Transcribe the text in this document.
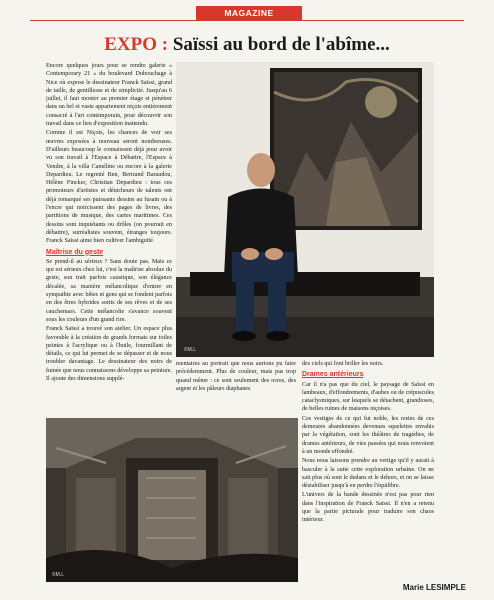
MAGAZINE
EXPO : Saïssi au bord de l'abîme...

Encore quelques jours pour se rendre galerie « Contemporary 21 » du boulevard Dubouchage à Nice où expose le dessinateur Franck Saïssi, grand de taille, de gentillesse et de simplicité. Jusqu'au 6 juillet, il faut monter au premier étage et pénétrer dans un bel et vaste appartement niçois entièrement consacré à l'art contemporain, pour découvrir son travail dans ce lieu d'exposition inattendu.

Comme il est Niçois, les chances de voir ses œuvres exposées à nouveau seront nombreuses. D'ailleurs beaucoup le connaissent déjà pour avoir vu son travail à l'Espace à Débattre, l'Espace à Vendre, à la villa Caméline ou encore à la galerie Depardieu. Le regretté Ben, Bertrand Baraudou, Hélène Fincker, Christian Depardieu : tous ces promoteurs d'artistes et dénicheurs de talents ont déjà remarqué ses puissants dessins au fusain ou à l'encre qui noircissent des pages de livres, des partitions de musique, des cartes maritimes. Ces dessins sont inquiétants ou drôles (on pourrait en débattre), surréalistes souvent, étranges toujours. Franck Saïssi aime bien cultiver l'ambiguïté.

Maîtrise du geste

Se prend-il au sérieux ? Sans doute pas. Mais ce qui est sérieux chez lui, c'est la maîtrise absolue du geste, son trait parfois caustique, son élégance décalée, sa manière mélancolique d'entrer en sympathie avec bêtes et gens qui se fondent parfois en des êtres hybrides sortis de ses rêves et de ses cauchemars. Cette mélancolie s'avance souvent sous les couleurs d'un grand rire.

Franck Saïssi a trouvé son atelier. Un espace plus favorable à la création de grands formats sur toiles peintes à l'acrylique ou à l'huile, fourmillant de détails, ce qui lui permet de se dépasser et de nous troubler davantage. Le dessinateur des noirs de fumée que nous connaissons développe sa peinture. Il ajoute des dimensions supplé-

©M.L

mentaires au portrait que nous aurions pu faire précédemment. Plus de couleur, mais pas trop quand même : ce sont seulement des ocres, des argent et les pâleurs diaphanes

des ciels qui font briller les noirs.

Drames antérieurs

Car il n'a pas que du ciel, le paysage de Saïssi en lambeaux, d'effondrements, d'aubes ou de crépuscules cataclysmiques, sur lesquels se détachent, grandioses, de belles ruines de maisons niçoises.

Ces vestiges de ce qui fut noble, les restes de ces demeures abandonnées devenues squelettes envahis par la végétation, sont les théâtres de tragédies, de drames antérieurs, de vies passées qui nous renvoient à un monde effondré.

Nous nous laissons prendre au vertige qu'il y aurait à basculer à la suite cette exploration urbaine. On ne sait plus où sont le dedans et le dehors, et on se laisse déstabiliser jusqu'à en perdre l'équilibre.

L'univers de la bande dessinée n'est pas pour rien dans l'inspiration de Franck Saïssi. Il n'en a retenu que la partie picturale pour traduire son chaos intérieur.

©M.L
Marie LESIMPLE
